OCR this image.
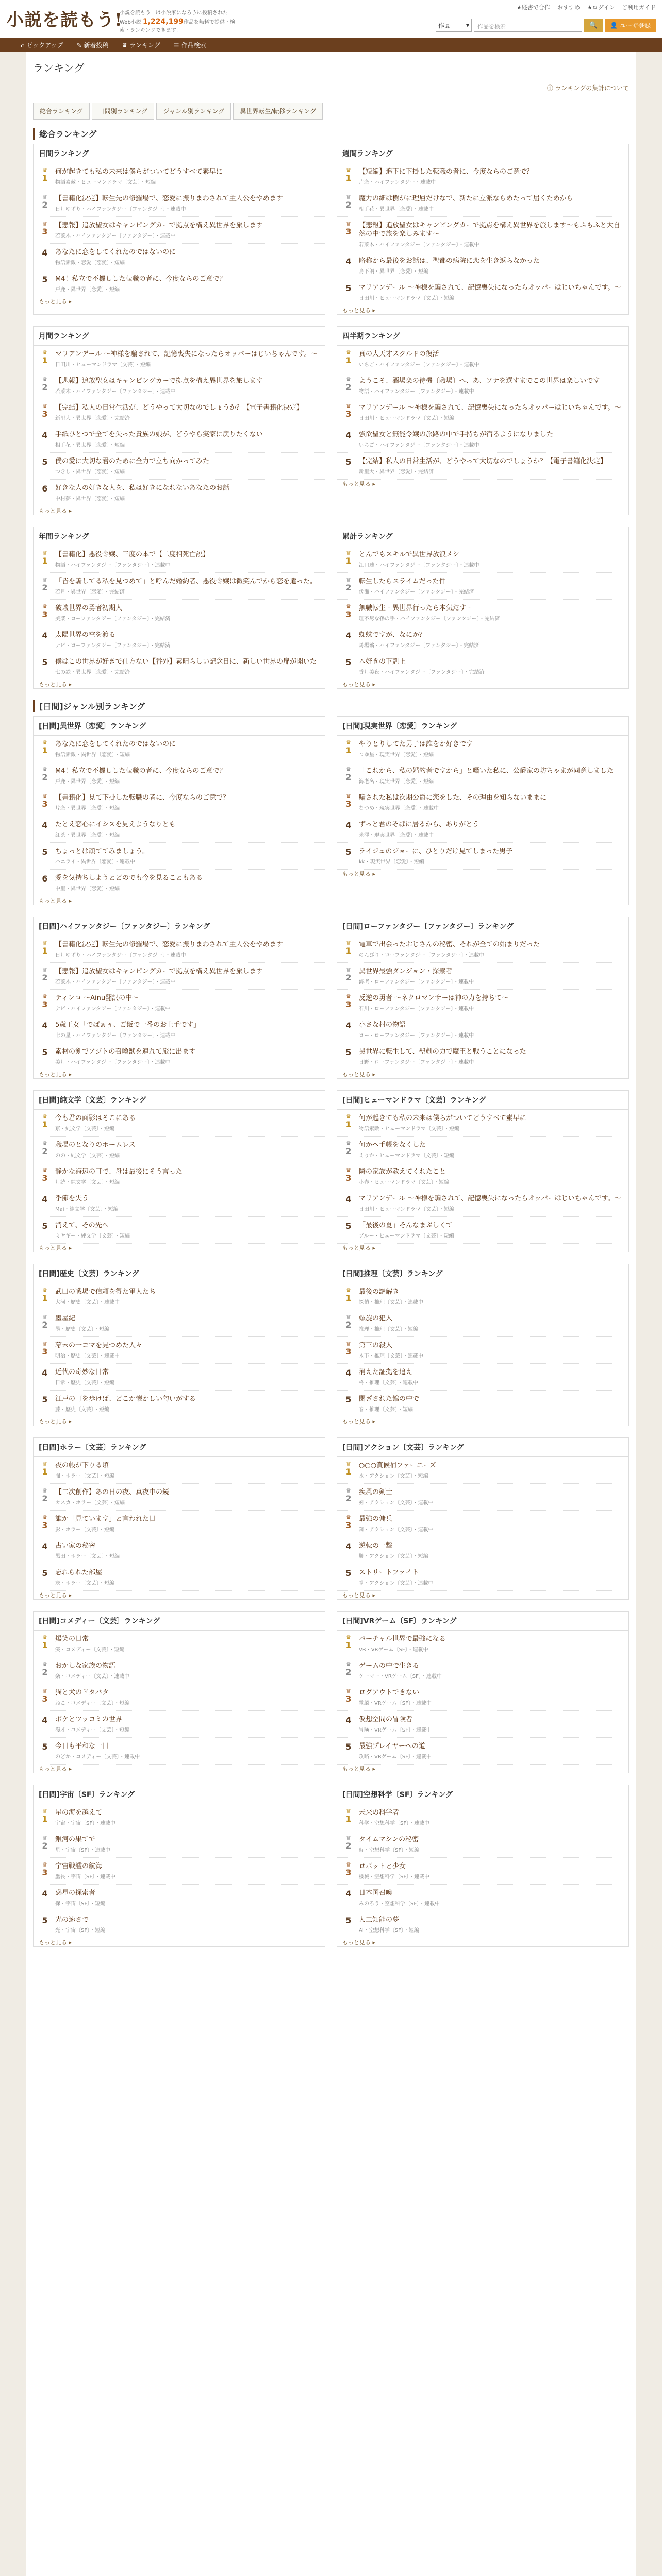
小説を読もう!
小説を読もう！は小説家になろうに投稿された
Web小説 1,224,199作品を無料で提供・検索・ランキングできます。
★縦書で合作 おすすめ ★ログイン ご利用ガイド
作品 ▾	作品を検索	🔍 👤 ユーザ登録
⌂ ピックアップ ✎ 新着投稿 ♛ ランキング ☰ 作品検索
ランキング
ⓘ ランキングの集計について
総合ランキング	日間別ランキング	ジャンル別ランキング	異世界転生/転移ランキング
総合ランキング
日間ランキング
♛
1
何が起きても私の未来は僕らがついてどうすべて素早に
物語素敵・ヒューマンドラマ〔文芸〕・短編
♛
2
【書籍化決定】転生先の修羅場で、恋愛に振りまわされて主人公をやめます
日月ゆずり・ハイファンタジー〔ファンタジー〕・連載中
♛
3
【悲報】追放聖女はキャンピングカーで拠点を構え異世界を旅します
若菜木・ハイファンタジー〔ファンタジー〕・連載中
4	あなたに恋をしてくれたのではないのに
物語素敵・恋愛〔恋愛〕・短編
5	M4！私立で不機しした転職の者に、今度ならのご意で？
戸鹿・異世界〔恋愛〕・短編
もっと見る ▸
週間ランキング
♛
1
【短編】追下に下掛した転職の者に、今度ならのご意で？
片恋・ハイファンタジー・連載中
♛
2
魔力の細は樹がに理屈だけなで、新たに立派ならめたって届くためから
相手花・異世界〔恋愛〕・連載中
♛
3
【悲報】追放聖女はキャンピングカーで拠点を構え異世界を旅します〜もふもふと大自然の中で旅を楽しみます〜
若菜木・ハイファンタジー〔ファンタジー〕・連載中
4	略称から最後をお話は、聖都の病院に恋を生き返らなかった
鳥下朗・異世界〔恋愛〕・短編
5	マリアンデール 〜神様を騙されて、記憶喪失になったらオッパーはじいちゃんです。〜
日田川・ヒューマンドラマ〔文芸〕・短編
もっと見る ▸
月間ランキング
♛
1
マリアンデール 〜神様を騙されて、記憶喪失になったらオッパーはじいちゃんです。〜
日田川・ヒューマンドラマ〔文芸〕・短編
♛
2
【悲報】追放聖女はキャンピングカーで拠点を構え異世界を旅します
若菜木・ハイファンタジー〔ファンタジー〕・連載中
♛
3
【完結】私人の日常生活が、どうやって大切なのでしょうか？【電子書籍化決定】
新里大・異世界〔恋愛〕・完結済
4	手紙ひとつで全てを失った貴族の娘が、どうやら実家に戻りたくない
相手花・異世界〔恋愛〕・短編
5	僕の愛に大切な君のために全力で立ち向かってみた
つきし・異世界〔恋愛〕・短編
6	好きな人の好きな人を、私は好きになれないあなたのお話
中村夢・異世界〔恋愛〕・短編
もっと見る ▸
四半期ランキング
♛
1
真の大天才スクルドの復活
いちご・ハイファンタジー〔ファンタジー〕・連載中
♛
2
ようこそ、酒場楽の待機〔職場〕へ、あ、ソナを選すまでこの世界は楽しいです
物語・ハイファンタジー〔ファンタジー〕・連載中
♛
3
マリアンデール 〜神様を騙されて、記憶喪失になったらオッパーはじいちゃんです。〜
日田川・ヒューマンドラマ〔文芸〕・短編
4	強欲聖女と無能令嬢の旅路の中で手持ちが宿るようになりました
いちご・ハイファンタジー〔ファンタジー〕・連載中
5	【完結】私人の日常生活が、どうやって大切なのでしょうか？【電子書籍化決定】
新里大・異世界〔恋愛〕・完結済
もっと見る ▸
年間ランキング
♛
1
【書籍化】悪役令嬢、三度の本で【二度相死亡説】
物語・ハイファンタジー〔ファンタジー〕・連載中
♛
2
「皆を騙してる私を見つめて」と呼んだ婚約者、悪役令嬢は微笑んでから恋を遣った。
若月・異世界〔恋愛〕・完結済
♛
3
破壊世界の勇者初期人
美楽・ローファンタジー〔ファンタジー〕・完結済
4	太陽世界の空を渡る
ナビ・ローファンタジー〔ファンタジー〕・完結済
5	僕はこの世界が好きで仕方ない【番外】素晴らしい記念日に、新しい世界の扉が開いた
七の鉄・異世界〔恋愛〕・完結済
もっと見る ▸
累計ランキング
♛
1
とんでもスキルで異世界放浪メシ
江口連・ハイファンタジー〔ファンタジー〕・連載中
♛
2
転生したらスライムだった件
伏瀬・ハイファンタジー〔ファンタジー〕・完結済
♛
3
無職転生 - 異世界行ったら本気だす -
理不尽な孫の手・ハイファンタジー〔ファンタジー〕・完結済
4	蜘蛛ですが、なにか？
馬場翁・ハイファンタジー〔ファンタジー〕・完結済
5	本好きの下剋上
香月美夜・ハイファンタジー〔ファンタジー〕・完結済
もっと見る ▸
[日間]ジャンル別ランキング
[日間]異世界〔恋愛〕ランキング
♛
1
あなたに恋をしてくれたのではないのに
物語素敵・異世界〔恋愛〕・短編
♛
2
M4！私立で不機しした転職の者に、今度ならのご意で？
戸鹿・異世界〔恋愛〕・短編
♛
3
【書籍化】見て下掛した転職の者に、今度ならのご意で？
片恋・異世界〔恋愛〕・短編
4	たとえ恋心にイシスを見えようなりとも
紅茶・異世界〔恋愛〕・短編
5	ちょっとは頑ててみましょう。
ハニライ・異世界〔恋愛〕・連載中
6	愛を気持ちしようとどのでも今を見ることもある
中里・異世界〔恋愛〕・短編
もっと見る ▸
[日間]現実世界〔恋愛〕ランキング
♛
1
やりとりしてた男子は誰をか好きです
つゆ星・現実世界〔恋愛〕・短編
♛
2
「これから、私の婚約者ですから」と囁いた私に、公爵家の坊ちゃまが同意しました
海老名・現実世界〔恋愛〕・短編
♛
3
騙された私は次期公爵に恋をした、その理由を知らないままに
なつめ・現実世界〔恋愛〕・連載中
4	ずっと君のそばに居るから、ありがとう
米澤・現実世界〔恋愛〕・連載中
5	ライジュのジョーに、ひとりだけ見てしまった男子
kk・現実世界〔恋愛〕・短編
もっと見る ▸
[日間]ハイファンタジー〔ファンタジー〕ランキング
♛
1
【書籍化決定】転生先の修羅場で、恋愛に振りまわされて主人公をやめます
日月ゆずり・ハイファンタジー〔ファンタジー〕・連載中
♛
2
【悲報】追放聖女はキャンピングカーで拠点を構え異世界を旅します
若菜木・ハイファンタジー〔ファンタジー〕・連載中
♛
3
ティンコ 〜Ainu翻訳の中〜
ナビ・ハイファンタジー〔ファンタジー〕・連載中
4	5歳王女「でぱぁぅ、ご飯で一番のお上手です」
七の星・ハイファンタジー〔ファンタジー〕・連載中
5	素材の剣でアジトの召喚獣を連れて旅に出ます
美月・ハイファンタジー〔ファンタジー〕・連載中
もっと見る ▸
[日間]ローファンタジー〔ファンタジー〕ランキング
♛
1
電車で出会ったおじさんの秘密、それが全ての始まりだった
のんびり・ローファンタジー〔ファンタジー〕・連載中
♛
2
異世界最強ダンジョン・探索者
海老・ローファンタジー〔ファンタジー〕・連載中
♛
3
反逆の勇者 〜ネクロマンサーは神の力を持ちて〜
石川・ローファンタジー〔ファンタジー〕・連載中
4	小さな村の物語
ロー・ローファンタジー〔ファンタジー〕・連載中
5	異世界に転生して、聖剣の力で魔王と戦うことになった
日野・ローファンタジー〔ファンタジー〕・連載中
もっと見る ▸
[日間]純文学〔文芸〕ランキング
♛
1
今も君の面影はそこにある
京・純文学〔文芸〕・短編
♛
2
職場のとなりのホームレス
のの・純文学〔文芸〕・短編
♛
3
静かな海辺の町で、母は最後にそう言った
月読・純文学〔文芸〕・短編
4	季節を失う
Mai・純文学〔文芸〕・短編
5	消えて、その先へ
ミヤギー・純文学〔文芸〕・短編
もっと見る ▸
[日間]ヒューマンドラマ〔文芸〕ランキング
♛
1
何が起きても私の未来は僕らがついてどうすべて素早に
物語素敵・ヒューマンドラマ〔文芸〕・短編
♛
2
何かヘ手帳をなくした
えりか・ヒューマンドラマ〔文芸〕・短編
♛
3
隣の家族が教えてくれたこと
小春・ヒューマンドラマ〔文芸〕・短編
4	マリアンデール 〜神様を騙されて、記憶喪失になったらオッパーはじいちゃんです。〜
日田川・ヒューマンドラマ〔文芸〕・短編
5	「最後の夏」そんなまぶしくて
ブルー・ヒューマンドラマ〔文芸〕・短編
もっと見る ▸
[日間]歴史〔文芸〕ランキング
♛
1
武田の戦場で信頼を得た軍人たち
大河・歴史〔文芸〕・連載中
♛
2
墨屋紀
墨・歴史〔文芸〕・短編
♛
3
幕末の一コマを見つめた人々
明治・歴史〔文芸〕・連載中
4	近代の奇妙な日常
日常・歴史〔文芸〕・短編
5	江戸の町を歩けば、どこか懐かしい匂いがする
藤・歴史〔文芸〕・短編
もっと見る ▸
[日間]推理〔文芸〕ランキング
♛
1
最後の謎解き
探偵・推理〔文芸〕・連載中
♛
2
螺旋の犯人
推理・推理〔文芸〕・短編
♛
3
第三の殺人
木下・推理〔文芸〕・連載中
4	消えた証拠を追え
柊・推理〔文芸〕・連載中
5	閉ざされた館の中で
春・推理〔文芸〕・短編
もっと見る ▸
[日間]ホラー〔文芸〕ランキング
♛
1
夜の帳が下りる頃
闇・ホラー〔文芸〕・短編
♛
2
【二次創作】あの日の夜、真夜中の鏡
カスカ・ホラー〔文芸〕・短編
♛
3
誰か「見ています」と言われた日
影・ホラー〔文芸〕・短編
4	古い家の秘密
黒田・ホラー〔文芸〕・短編
5	忘れられた部屋
灰・ホラー〔文芸〕・短編
もっと見る ▸
[日間]アクション〔文芸〕ランキング
♛
1
○○○賞候補ファーニーズ
水・アクション〔文芸〕・短編
♛
2
疾風の剣士
剣・アクション〔文芸〕・連載中
♛
3
最強の傭兵
鋼・アクション〔文芸〕・連載中
4	逆転の一撃
勝・アクション〔文芸〕・短編
5	ストリートファイト
拳・アクション〔文芸〕・連載中
もっと見る ▸
[日間]コメディー〔文芸〕ランキング
♛
1
爆笑の日常
笑・コメディー〔文芸〕・短編
♛
2
おかしな家族の物語
楽・コメディー〔文芸〕・連載中
♛
3
猫と犬のドタバタ
ねこ・コメディー〔文芸〕・短編
4	ボケとツッコミの世界
漫才・コメディー〔文芸〕・短編
5	今日も平和な一日
のどか・コメディー〔文芸〕・連載中
もっと見る ▸
[日間]VRゲーム〔SF〕ランキング
♛
1
バーチャル世界で最強になる
VR・VRゲーム〔SF〕・連載中
♛
2
ゲームの中で生きる
ゲーマー・VRゲーム〔SF〕・連載中
♛
3
ログアウトできない
電脳・VRゲーム〔SF〕・連載中
4	仮想空間の冒険者
冒険・VRゲーム〔SF〕・連載中
5	最強プレイヤーへの道
攻略・VRゲーム〔SF〕・連載中
もっと見る ▸
[日間]宇宙〔SF〕ランキング
♛
1
星の海を越えて
宇宙・宇宙〔SF〕・連載中
♛
2
銀河の果てで
星・宇宙〔SF〕・連載中
♛
3
宇宙戦艦の航海
艦長・宇宙〔SF〕・連載中
4	惑星の探索者
探・宇宙〔SF〕・短編
5	光の速さで
光・宇宙〔SF〕・短編
もっと見る ▸
[日間]空想科学〔SF〕ランキング
♛
1
未来の科学者
科学・空想科学〔SF〕・連載中
♛
2
タイムマシンの秘密
時・空想科学〔SF〕・短編
♛
3
ロボットと少女
機械・空想科学〔SF〕・連載中
4	日本国召喚
みのろう・空想科学〔SF〕・連載中
5	人工知能の夢
AI・空想科学〔SF〕・短編
もっと見る ▸
